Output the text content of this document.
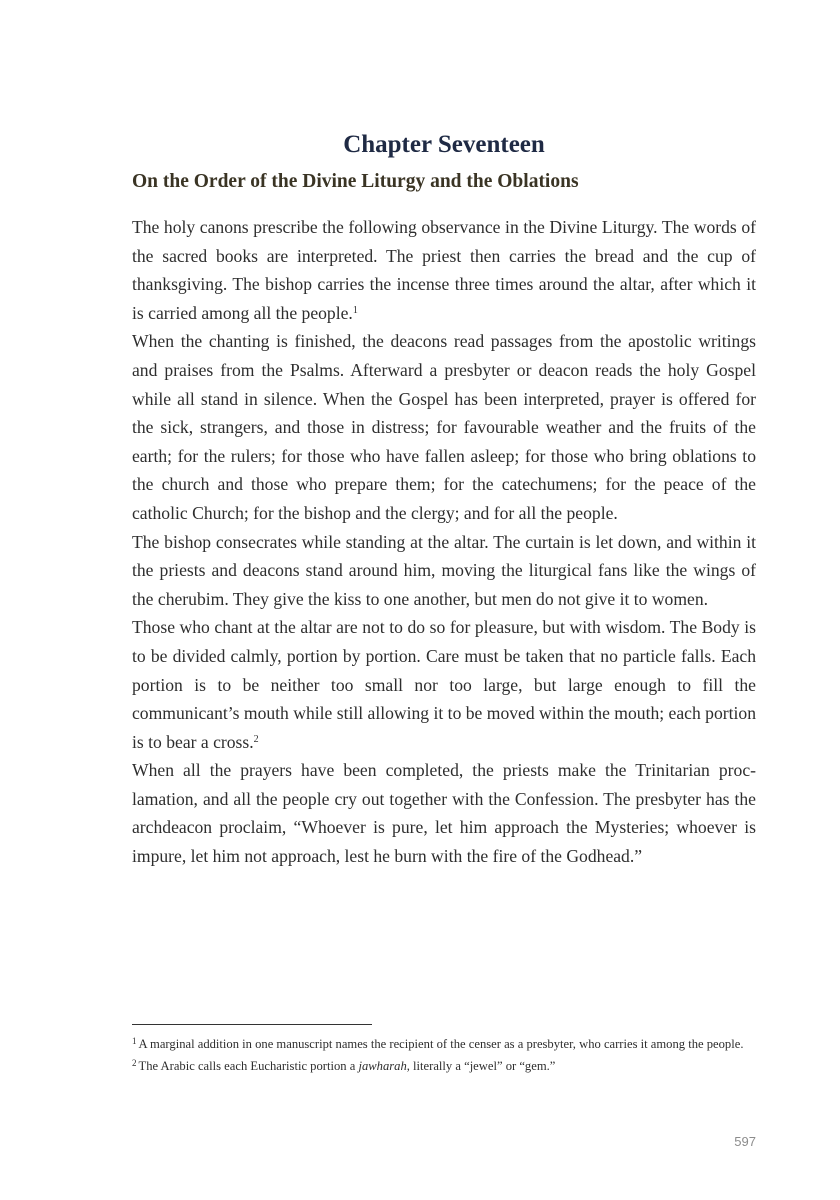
Chapter Seventeen
On the Order of the Divine Liturgy and the Oblations

The holy canons prescribe the following observance in the Divine Liturgy. The words of the sacred books are interpreted. The priest then carries the bread and the cup of thanksgiving. The bishop carries the incense three times around the altar, after which it is carried among all the people.$^1$

When the chanting is finished, the deacons read passages from the apostolic writings and praises from the Psalms. Afterward a presbyter or deacon reads the holy Gospel while all stand in silence. When the Gospel has been interpreted, prayer is offered for the sick, strangers, and those in distress; for favourable weather and the fruits of the earth; for the rulers; for those who have fallen asleep; for those who bring oblations to the church and those who prepare them; for the catechumens; for the peace of the catholic Church; for the bishop and the clergy; and for all the people.

The bishop consecrates while standing at the altar. The curtain is let down, and within it the priests and deacons stand around him, moving the liturgical fans like the wings of the cherubim. They give the kiss to one another, but men do not give it to women.

Those who chant at the altar are not to do so for pleasure, but with wisdom. The Body is to be divided calmly, portion by portion. Care must be taken that no particle falls. Each portion is to be neither too small nor too large, but large enough to fill the communicant’s mouth while still allowing it to be moved within the mouth; each portion is to bear a cross.$^2$

When all the prayers have been completed, the priests make the Trinitarian proclamation, and all the people cry out together with the Confession. The presbyter has the archdeacon proclaim, “Whoever is pure, let him approach the Mysteries; whoever is impure, let him not approach, lest he burn with the fire of the Godhead.”

$^1$ A marginal addition in one manuscript names the recipient of the censer as a presbyter, who carries it among the people.

$^2$ The Arabic calls each Eucharistic portion a jawharah, literally a “jewel” or “gem.”

597
